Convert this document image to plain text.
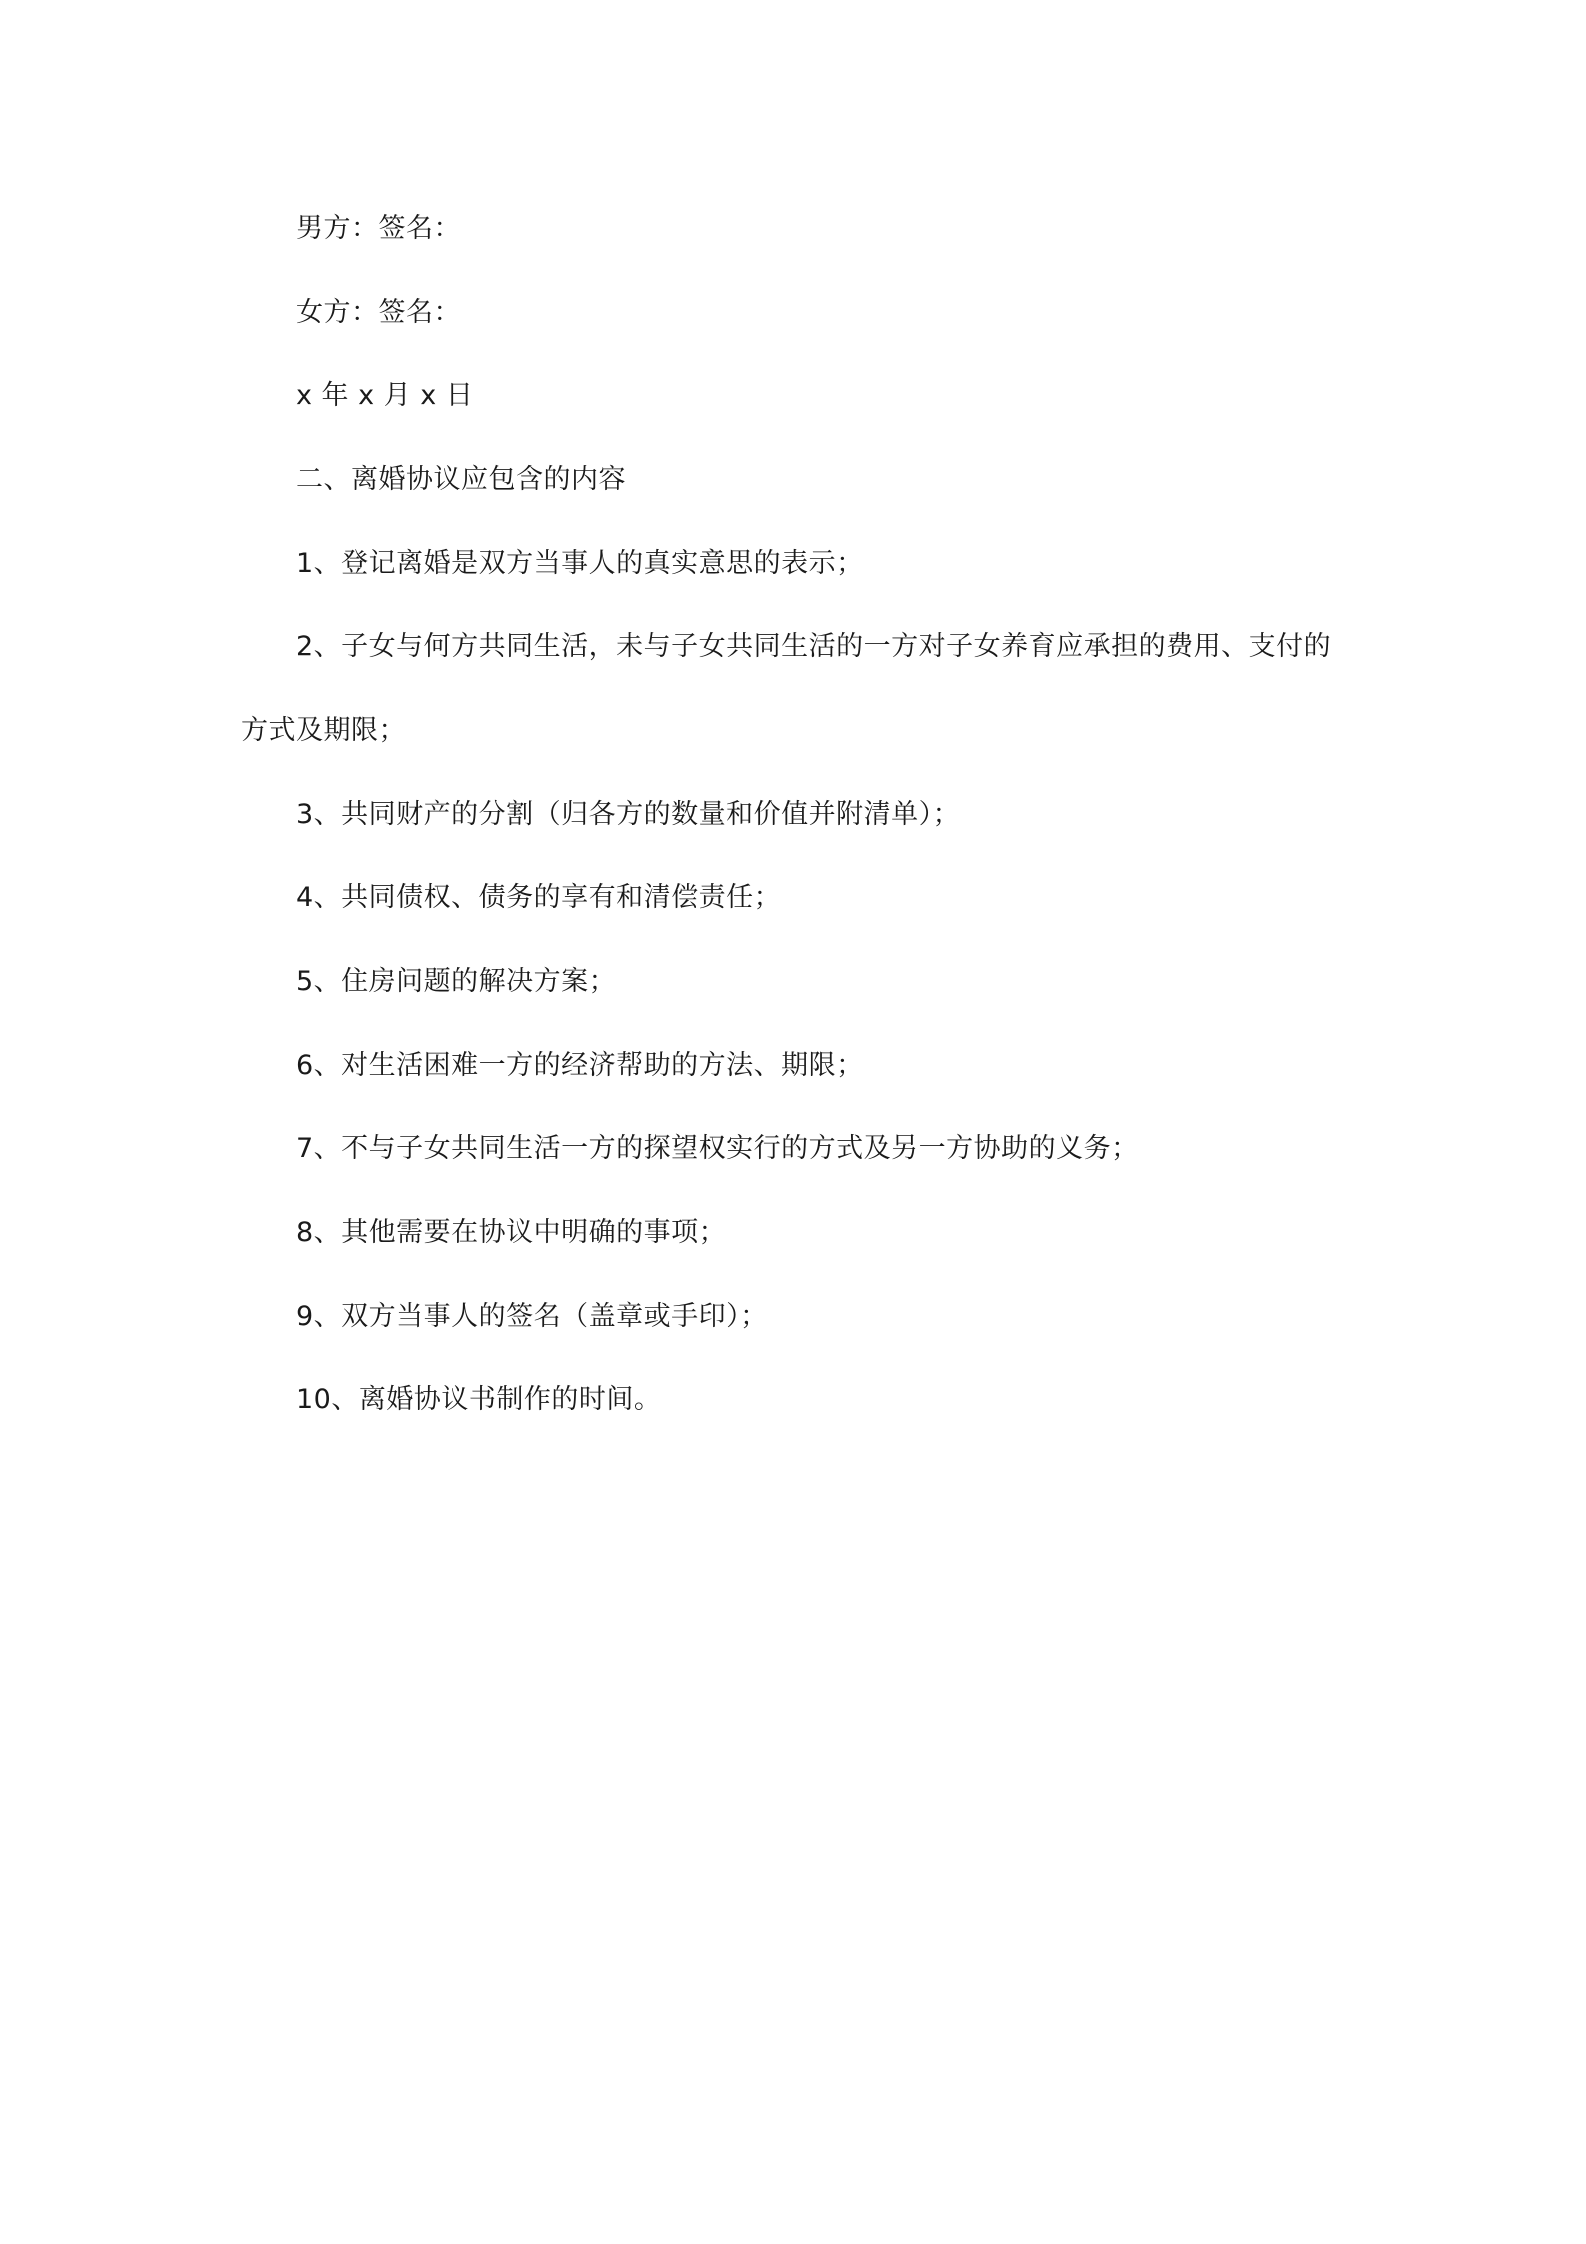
男方：签名：
女方：签名：
x 年 x 月 x 日
二、离婚协议应包含的内容
1、登记离婚是双方当事人的真实意思的表示；
2、子女与何方共同生活，未与子女共同生活的一方对子女养育应承担的费用、支付的
方式及期限；
3、共同财产的分割（归各方的数量和价值并附清单）；
4、共同债权、债务的享有和清偿责任；
5、住房问题的解决方案；
6、对生活困难一方的经济帮助的方法、期限；
7、不与子女共同生活一方的探望权实行的方式及另一方协助的义务；
8、其他需要在协议中明确的事项；
9、双方当事人的签名（盖章或手印）；
10、离婚协议书制作的时间。
